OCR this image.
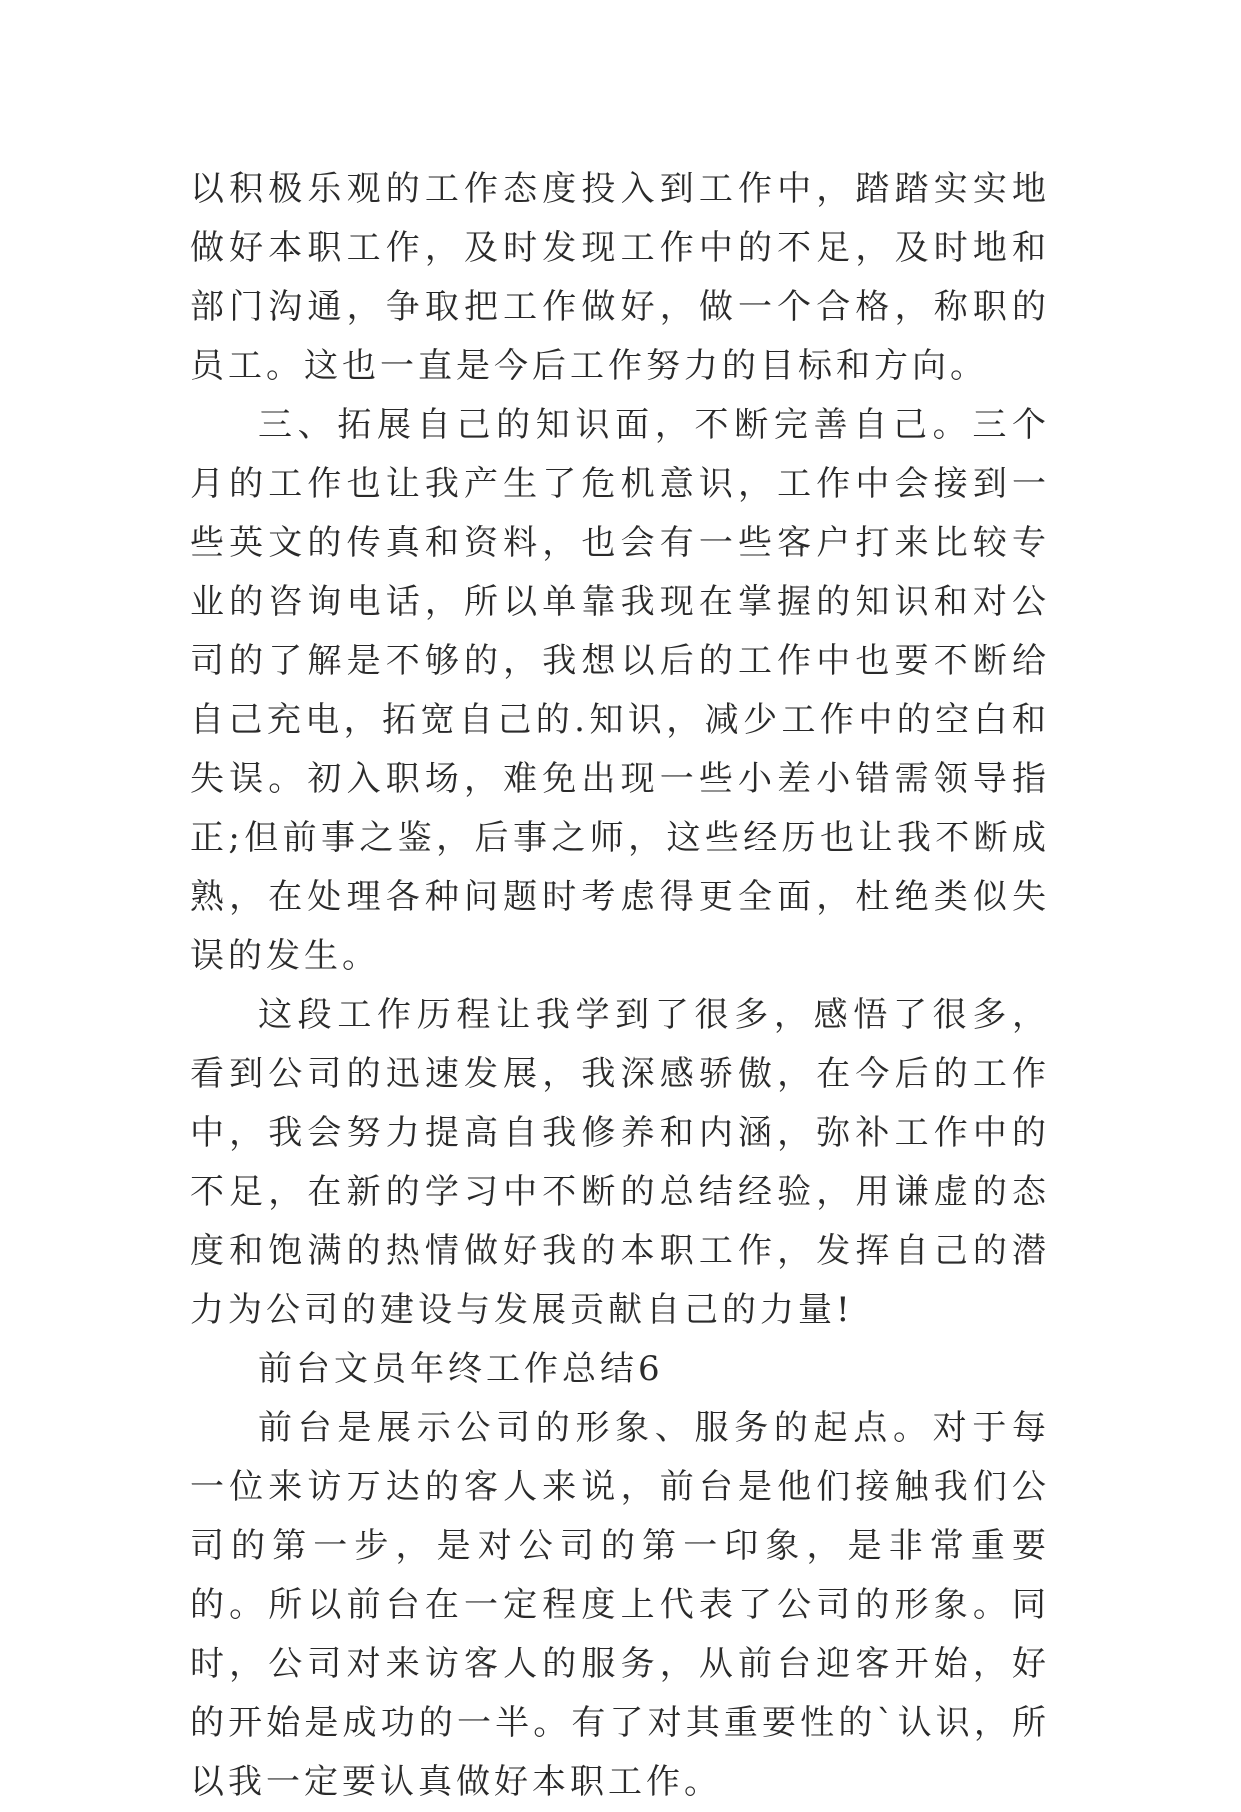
以积极乐观的工作态度投入到工作中，踏踏实实地做好本职工作，及时发现工作中的不足，及时地和部门沟通，争取把工作做好，做一个合格，称职的员工。这也一直是今后工作努力的目标和方向。

三、拓展自己的知识面，不断完善自己。三个月的工作也让我产生了危机意识，工作中会接到一些英文的传真和资料，也会有一些客户打来比较专业的咨询电话，所以单靠我现在掌握的知识和对公司的了解是不够的，我想以后的工作中也要不断给自己充电，拓宽自己的.知识，减少工作中的空白和失误。初入职场，难免出现一些小差小错需领导指正;但前事之鉴，后事之师，这些经历也让我不断成熟，在处理各种问题时考虑得更全面，杜绝类似失误的发生。

这段工作历程让我学到了很多，感悟了很多，看到公司的迅速发展，我深感骄傲，在今后的工作中，我会努力提高自我修养和内涵，弥补工作中的不足，在新的学习中不断的总结经验，用谦虚的态度和饱满的热情做好我的本职工作，发挥自己的潜力为公司的建设与发展贡献自己的力量!

前台文员年终工作总结6

前台是展示公司的形象、服务的起点。对于每一位来访万达的客人来说，前台是他们接触我们公司的第一步，是对公司的第一印象，是非常重要的。所以前台在一定程度上代表了公司的形象。同时，公司对来访客人的服务，从前台迎客开始，好的开始是成功的一半。有了对其重要性的`认识，所以我一定要认真做好本职工作。
